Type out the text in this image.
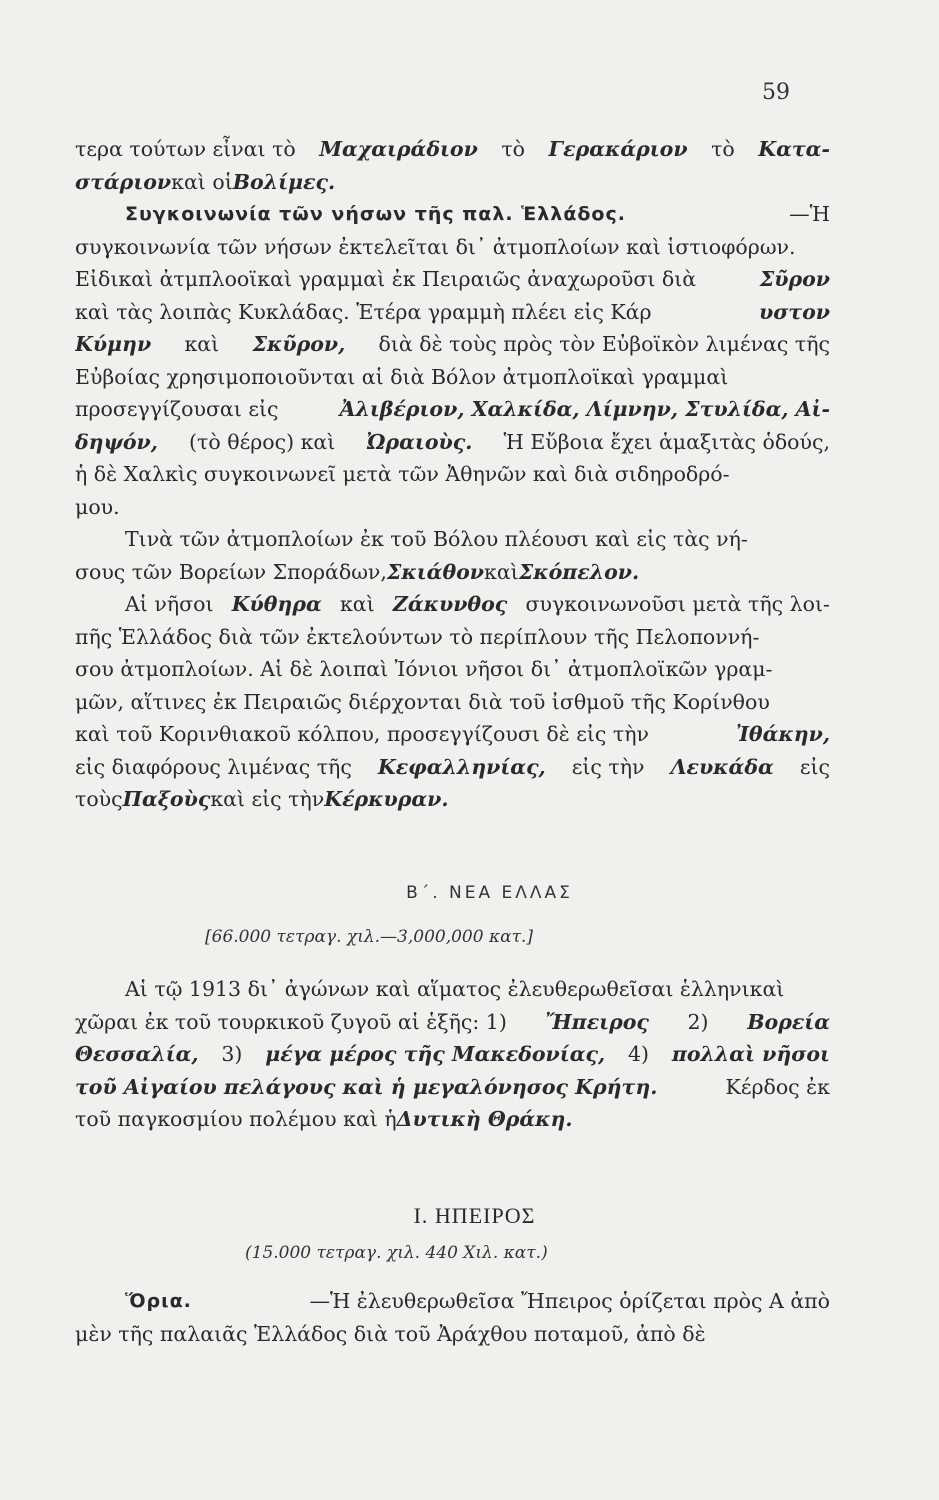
59
τερα τούτων εἶναι τὸ Μαχαιράδιον τὸ Γερακάριον τὸ Κατα-
στάριον καὶ οἱ Βολίμες.
Συγκοινωνία τῶν νήσων τῆς παλ. Ἑλλάδος.	—Ἡ
συγκοινωνία τῶν νήσων ἐκτελεῖται δι᾽ ἀτμοπλοίων καὶ ἱστιοφόρων.
Εἰδικαὶ ἀτμπλοοϊκαὶ γραμμαὶ ἐκ Πειραιῶς ἀναχωροῦσι διὰ	Σῦρον
καὶ τὰς λοιπὰς Κυκλάδας. Ἑτέρα γραμμὴ πλέει εἰς Κάρ	υστον
Κύμην καὶ Σκῦρον, διὰ δὲ τοὺς πρὸς τὸν Εὐβοϊκὸν λιμένας τῆς
Εὐβοίας χρησιμοποιοῦνται αἱ διὰ Βόλον ἀτμοπλοϊκαὶ γραμμαὶ
προσεγγίζουσαι εἰς	Ἀλιβέριον, Χαλκίδα, Λίμνην, Στυλίδα, Αἰ-
δηψόν, (τὸ θέρος) καὶ Ὠραιοὺς. Ἡ Εὔβοια ἔχει ἁμαξιτὰς ὁδούς,
ἡ δὲ Χαλκὶς συγκοινωνεῖ μετὰ τῶν Ἀθηνῶν καὶ διὰ σιδηροδρό-
μου.
Τινὰ τῶν ἀτμοπλοίων ἐκ τοῦ Βόλου πλέουσι καὶ εἰς τὰς νή-
σους τῶν Βορείων Σποράδων, Σκιάθον καὶ Σκόπελον.
Αἱ νῆσοι Κύθηρα καὶ Ζάκυνθος συγκοινωνοῦσι μετὰ τῆς λοι-
πῆς Ἑλλάδος διὰ τῶν ἐκτελούντων τὸ περίπλουν τῆς Πελοποννή-
σου ἀτμοπλοίων. Αἱ δὲ λοιπαὶ Ἰόνιοι νῆσοι δι᾽ ἀτμοπλοϊκῶν γραμ-
μῶν, αἵτινες ἐκ Πειραιῶς διέρχονται διὰ τοῦ ἰσθμοῦ τῆς Κορίνθου
καὶ τοῦ Κορινθιακοῦ κόλπου, προσεγγίζουσι δὲ εἰς τὴν	Ἰθάκην,
εἰς διαφόρους λιμένας τῆς Κεφαλληνίας, εἰς τὴν Λευκάδα εἰς
τοὺς Παξοὺς καὶ εἰς τὴν Κέρκυραν.
Β΄. ΝΕΑ ΕΛΛΑΣ
[66.000 τετραγ. χιλ.—3,000,000 κατ.]
Αἱ τῷ 1913 δι᾽ ἀγώνων καὶ αἵματος ἐλευθερωθεῖσαι ἑλληνικαὶ
χῶραι ἐκ τοῦ τουρκικοῦ ζυγοῦ αἱ ἑξῆς: 1) Ἤπειρος 2) Βορεία
Θεσσαλία, 3) μέγα μέρος τῆς Μακεδονίας, 4) πολλαὶ νῆσοι
τοῦ Αἰγαίου πελάγους καὶ ἡ μεγαλόνησος Κρήτη.	Κέρδος ἐκ
τοῦ παγκοσμίου πολέμου καὶ ἡ Δυτικὴ Θράκη.
Ι. ΗΠΕΙΡΟΣ
(15.000 τετραγ. χιλ. 440 Χιλ. κατ.)
Ὅρια.	—Ἡ ἐλευθερωθεῖσα Ἤπειρος ὁρίζεται πρὸς Α ἀπὸ
μὲν τῆς παλαιᾶς Ἑλλάδος διὰ τοῦ Ἀράχθου ποταμοῦ, ἀπὸ δὲ
